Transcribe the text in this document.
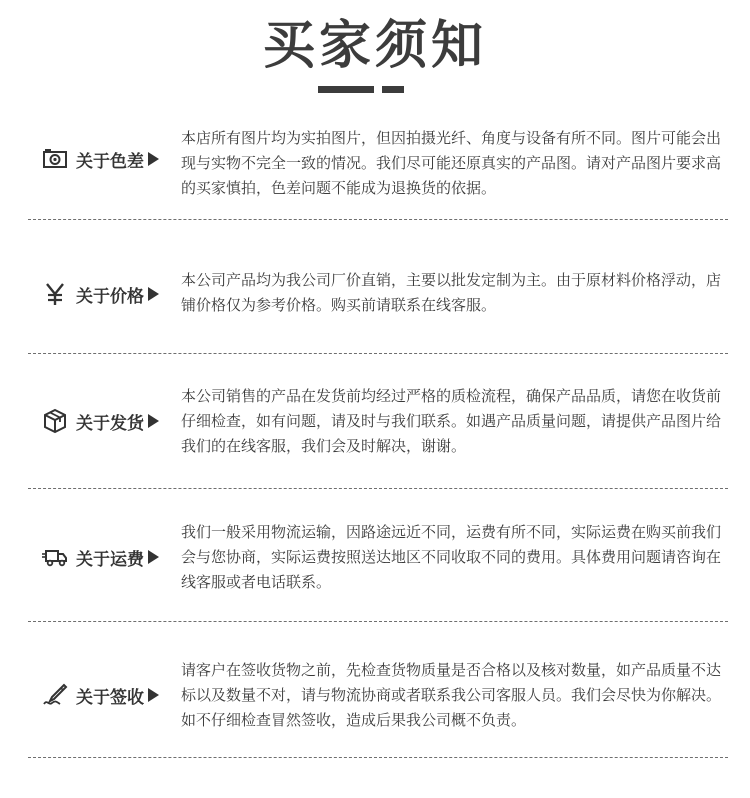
买家须知
关于色差
本店所有图片均为实拍图片，但因拍摄光纤、角度与设备有所不同。图片可能会出现与实物不完全一致的情况。我们尽可能还原真实的产品图。请对产品图片要求高的买家慎拍，色差问题不能成为退换货的依据。
关于价格
本公司产品均为我公司厂价直销，主要以批发定制为主。由于原材料价格浮动，店铺价格仅为参考价格。购买前请联系在线客服。
关于发货
本公司销售的产品在发货前均经过严格的质检流程，确保产品品质，请您在收货前仔细检查，如有问题，请及时与我们联系。如遇产品质量问题，请提供产品图片给我们的在线客服，我们会及时解决，谢谢。
关于运费
我们一般采用物流运输，因路途远近不同，运费有所不同，实际运费在购买前我们会与您协商，实际运费按照送达地区不同收取不同的费用。具体费用问题请咨询在线客服或者电话联系。
关于签收
请客户在签收货物之前，先检查货物质量是否合格以及核对数量，如产品质量不达标以及数量不对，请与物流协商或者联系我公司客服人员。我们会尽快为你解决。如不仔细检查冒然签收，造成后果我公司概不负责。
